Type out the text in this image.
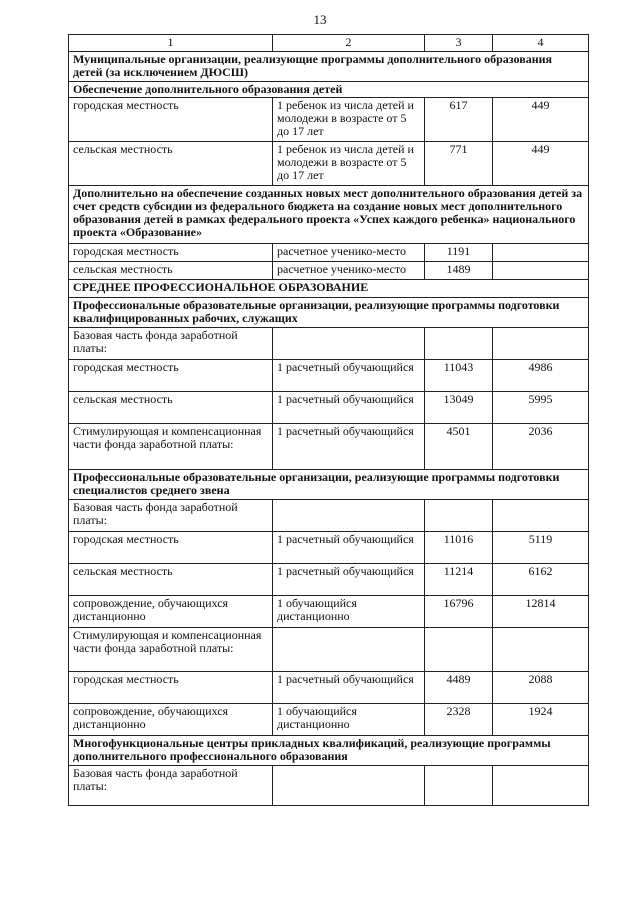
13
1	2	3	4
Муниципальные организации, реализующие программы дополнительного образования детей (за исключением ДЮСШ)			
Обеспечение дополнительного образования детей			
городская местность	1 ребенок из числа детей и молодежи в возрасте от 5 до 17 лет	617	449
сельская местность	1 ребенок из числа детей и молодежи в возрасте от 5 до 17 лет	771	449
Дополнительно на обеспечение созданных новых мест дополнительного образования детей за счет средств субсидии из федерального бюджета на создание новых мест дополнительного образования детей в рамках федерального проекта «Успех каждого ребенка» национального проекта «Образование»			
городская местность	расчетное ученико-место	1191	
сельская местность	расчетное ученико-место	1489	
СРЕДНЕЕ ПРОФЕССИОНАЛЬНОЕ ОБРАЗОВАНИЕ			
Профессиональные образовательные организации, реализующие программы подготовки квалифицированных рабочих, служащих			
Базовая часть фонда заработной платы:			
городская местность	1 расчетный обучающийся	11043	4986
сельская местность	1 расчетный обучающийся	13049	5995
Стимулирующая и компенсационная части фонда заработной платы:	1 расчетный обучающийся	4501	2036
Профессиональные образовательные организации, реализующие программы подготовки специалистов среднего звена			
Базовая часть фонда заработной платы:			
городская местность	1 расчетный обучающийся	11016	5119
сельская местность	1 расчетный обучающийся	11214	6162
сопровождение, обучающихся дистанционно	1 обучающийся дистанционно	16796	12814
Стимулирующая и компенсационная части фонда заработной платы:			
городская местность	1 расчетный обучающийся	4489	2088
сопровождение, обучающихся дистанционно	1 обучающийся дистанционно	2328	1924
Многофункциональные центры прикладных квалификаций, реализующие программы дополнительного профессионального образования			
Базовая часть фонда заработной платы:			
